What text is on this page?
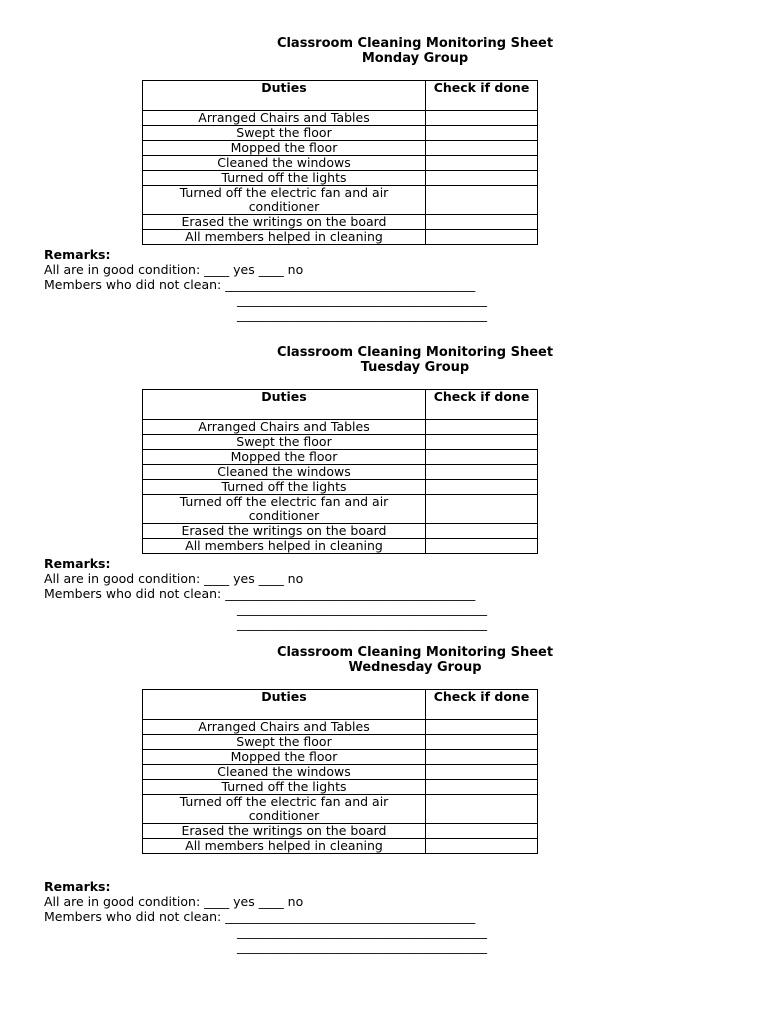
Classroom Cleaning Monitoring Sheet
Monday Group
Duties	Check if done
Arranged Chairs and Tables	
Swept the floor	
Mopped the floor	
Cleaned the windows	
Turned off the lights	
Turned off the electric fan and air conditioner	
Erased the writings on the board	
All members helped in cleaning	
Remarks:
All are in good condition: ____ yes ____ no
Members who did not clean: ________________________________________
________________________________________
________________________________________
Classroom Cleaning Monitoring Sheet
Tuesday Group
Duties	Check if done
Arranged Chairs and Tables	
Swept the floor	
Mopped the floor	
Cleaned the windows	
Turned off the lights	
Turned off the electric fan and air conditioner	
Erased the writings on the board	
All members helped in cleaning	
Remarks:
All are in good condition: ____ yes ____ no
Members who did not clean: ________________________________________
________________________________________
________________________________________
Classroom Cleaning Monitoring Sheet
Wednesday Group
Duties	Check if done
Arranged Chairs and Tables	
Swept the floor	
Mopped the floor	
Cleaned the windows	
Turned off the lights	
Turned off the electric fan and air conditioner	
Erased the writings on the board	
All members helped in cleaning	
Remarks:
All are in good condition: ____ yes ____ no
Members who did not clean: ________________________________________
________________________________________
________________________________________
